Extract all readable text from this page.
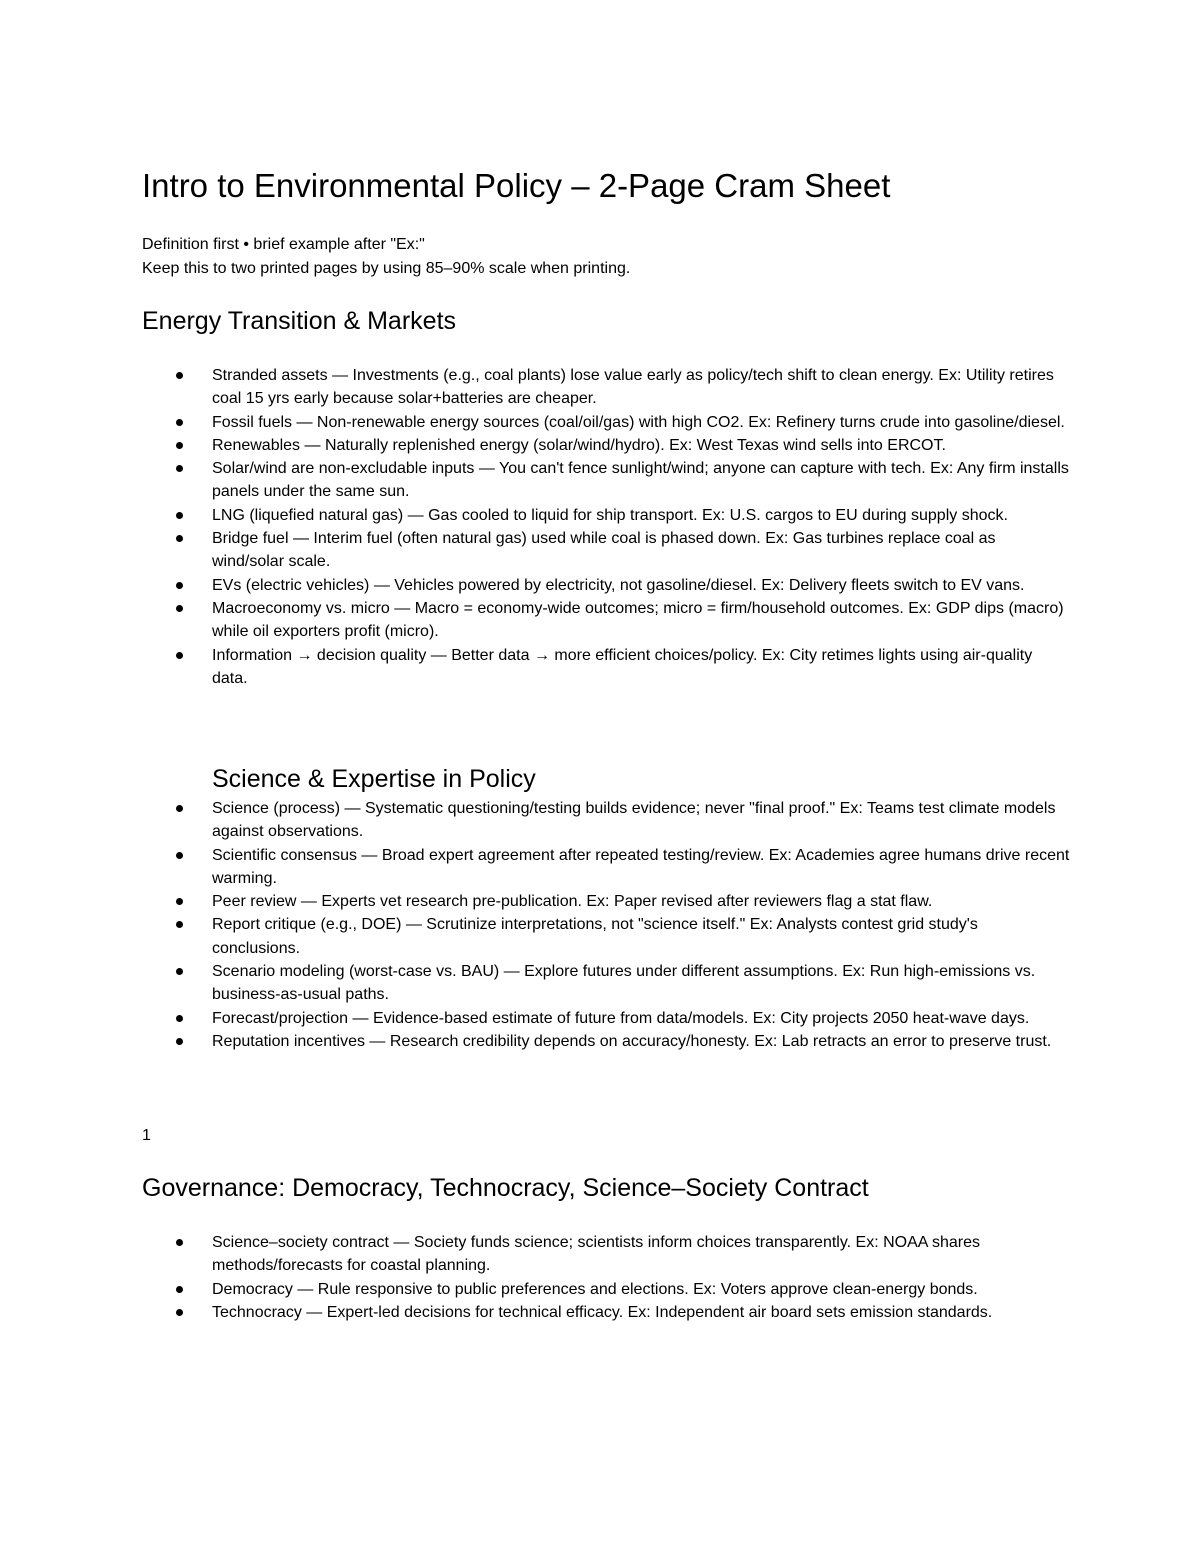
Intro to Environmental Policy – 2-Page Cram Sheet

Definition first • brief example after "Ex:"

Keep this to two printed pages by using 85–90% scale when printing.

Energy Transition & Markets
Stranded assets — Investments (e.g., coal plants) lose value early as policy/tech shift to clean energy. Ex: Utility retires coal 15 yrs early because solar+batteries are cheaper.
Fossil fuels — Non-renewable energy sources (coal/oil/gas) with high CO2. Ex: Refinery turns crude into gasoline/diesel.
Renewables — Naturally replenished energy (solar/wind/hydro). Ex: West Texas wind sells into ERCOT.
Solar/wind are non-excludable inputs — You can't fence sunlight/wind; anyone can capture with tech. Ex: Any firm installs panels under the same sun.
LNG (liquefied natural gas) — Gas cooled to liquid for ship transport. Ex: U.S. cargos to EU during supply shock.
Bridge fuel — Interim fuel (often natural gas) used while coal is phased down. Ex: Gas turbines replace coal as wind/solar scale.
EVs (electric vehicles) — Vehicles powered by electricity, not gasoline/diesel. Ex: Delivery fleets switch to EV vans.
Macroeconomy vs. micro — Macro = economy-wide outcomes; micro = firm/household outcomes. Ex: GDP dips (macro) while oil exporters profit (micro).
Information → decision quality — Better data → more efficient choices/policy. Ex: City retimes lights using air-quality data.
Science & Expertise in Policy
Science (process) — Systematic questioning/testing builds evidence; never "final proof." Ex: Teams test climate models against observations.
Scientific consensus — Broad expert agreement after repeated testing/review. Ex: Academies agree humans drive recent warming.
Peer review — Experts vet research pre-publication. Ex: Paper revised after reviewers flag a stat flaw.
Report critique (e.g., DOE) — Scrutinize interpretations, not "science itself." Ex: Analysts contest grid study's conclusions.
Scenario modeling (worst-case vs. BAU) — Explore futures under different assumptions. Ex: Run high-emissions vs. business-as-usual paths.
Forecast/projection — Evidence-based estimate of future from data/models. Ex: City projects 2050 heat-wave days.
Reputation incentives — Research credibility depends on accuracy/honesty. Ex: Lab retracts an error to preserve trust.
1
Governance: Democracy, Technocracy, Science–Society Contract
Science–society contract — Society funds science; scientists inform choices transparently. Ex: NOAA shares methods/forecasts for coastal planning.
Democracy — Rule responsive to public preferences and elections. Ex: Voters approve clean-energy bonds.
Technocracy — Expert-led decisions for technical efficacy. Ex: Independent air board sets emission standards.
